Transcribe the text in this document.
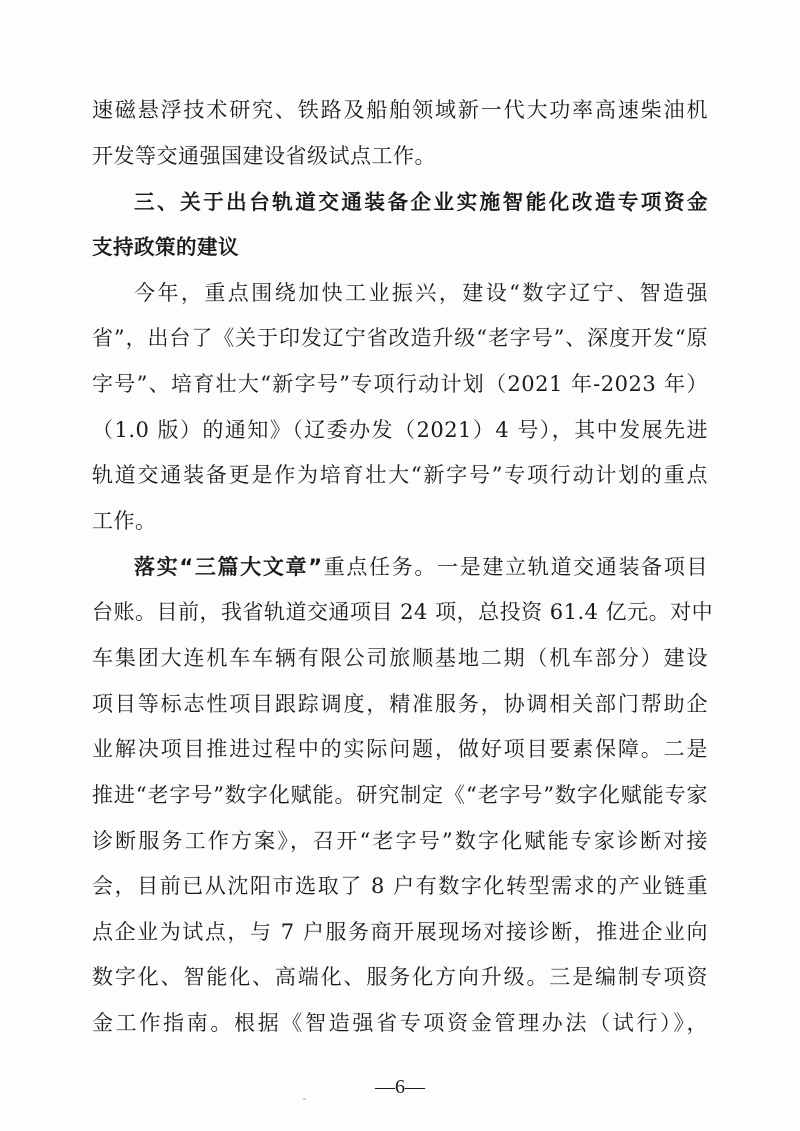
速磁悬浮技术研究、铁路及船舶领域新一代大功率高速柴油机
开发等交通强国建设省级试点工作。
三、关于出台轨道交通装备企业实施智能化改造专项资金
支持政策的建议
今年，重点围绕加快工业振兴，建设“数字辽宁、智造强
省”，出台了《关于印发辽宁省改造升级“老字号”、深度开发“原
字号”、培育壮大“新字号”专项行动计划（2021 年-2023 年）
（1.0 版）的通知》（辽委办发（2021）4 号），其中发展先进
轨道交通装备更是作为培育壮大“新字号”专项行动计划的重点
工作。
落实“三篇大文章”重点任务。一是建立轨道交通装备项目
台账。目前，我省轨道交通项目 24 项，总投资 61.4 亿元。对中
车集团大连机车车辆有限公司旅顺基地二期（机车部分）建设
项目等标志性项目跟踪调度，精准服务，协调相关部门帮助企
业解决项目推进过程中的实际问题，做好项目要素保障。二是
推进“老字号”数字化赋能。研究制定《“老字号”数字化赋能专家
诊断服务工作方案》，召开“老字号”数字化赋能专家诊断对接
会，目前已从沈阳市选取了 8 户有数字化转型需求的产业链重
点企业为试点，与 7 户服务商开展现场对接诊断，推进企业向
数字化、智能化、高端化、服务化方向升级。三是编制专项资
金工作指南。根据《智造强省专项资金管理办法（试行）》，
—6—
